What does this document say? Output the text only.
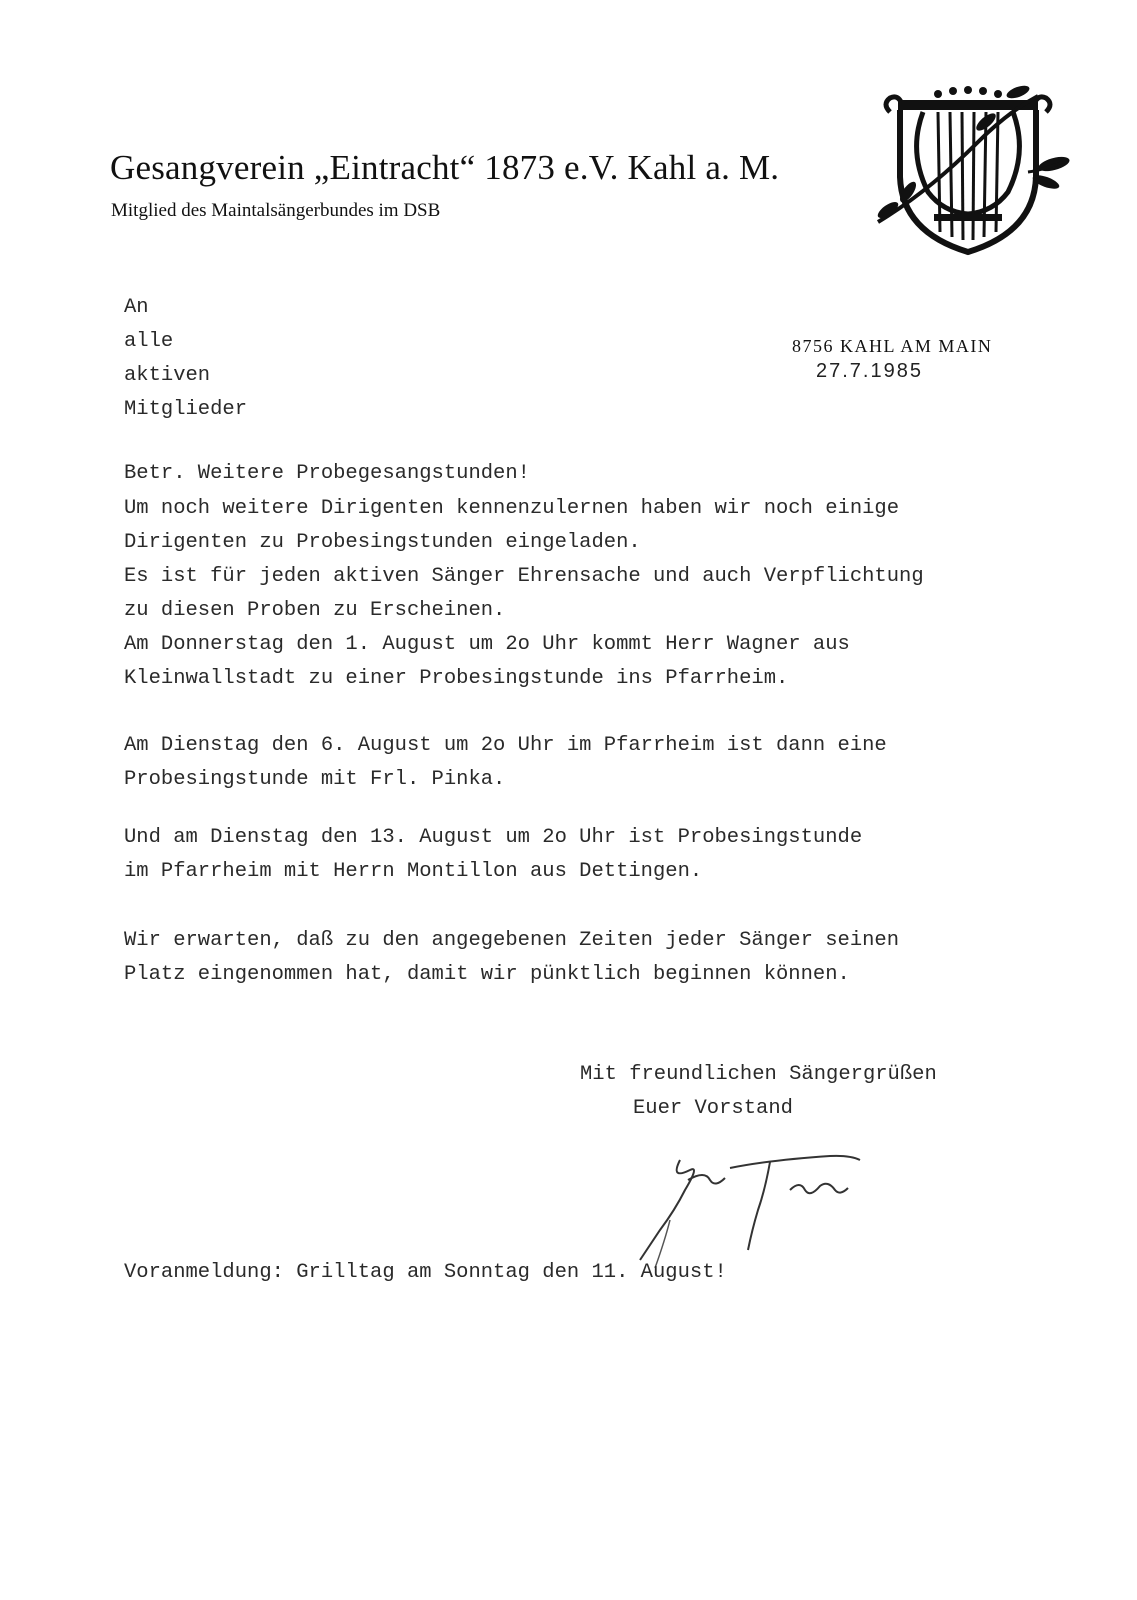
Gesangverein „Eintracht“ 1873 e.V. Kahl a. M.
Mitglied des Maintalsängerbundes im DSB
An
alle
aktiven
Mitglieder
8756 KAHL AM MAIN
27.7.1985
Betr. Weitere Probegesangstunden!
Um noch weitere Dirigenten kennenzulernen haben wir noch einige
Dirigenten zu Probesingstunden eingeladen.
Es ist für jeden aktiven Sänger Ehrensache und auch Verpflichtung
zu diesen Proben zu Erscheinen.
Am Donnerstag den 1. August um 2o Uhr kommt Herr Wagner aus
Kleinwallstadt zu einer Probesingstunde ins Pfarrheim.
Am Dienstag den 6. August um 2o Uhr im Pfarrheim ist dann eine
Probesingstunde mit Frl. Pinka.
Und am Dienstag den 13. August um 2o Uhr ist Probesingstunde
im Pfarrheim mit Herrn Montillon aus Dettingen.
Wir erwarten, daß zu den angegebenen Zeiten jeder Sänger seinen
Platz eingenommen hat, damit wir pünktlich beginnen können.
Mit freundlichen Sängergrüßen
Euer Vorstand
Voranmeldung: Grilltag am Sonntag den 11. August!
